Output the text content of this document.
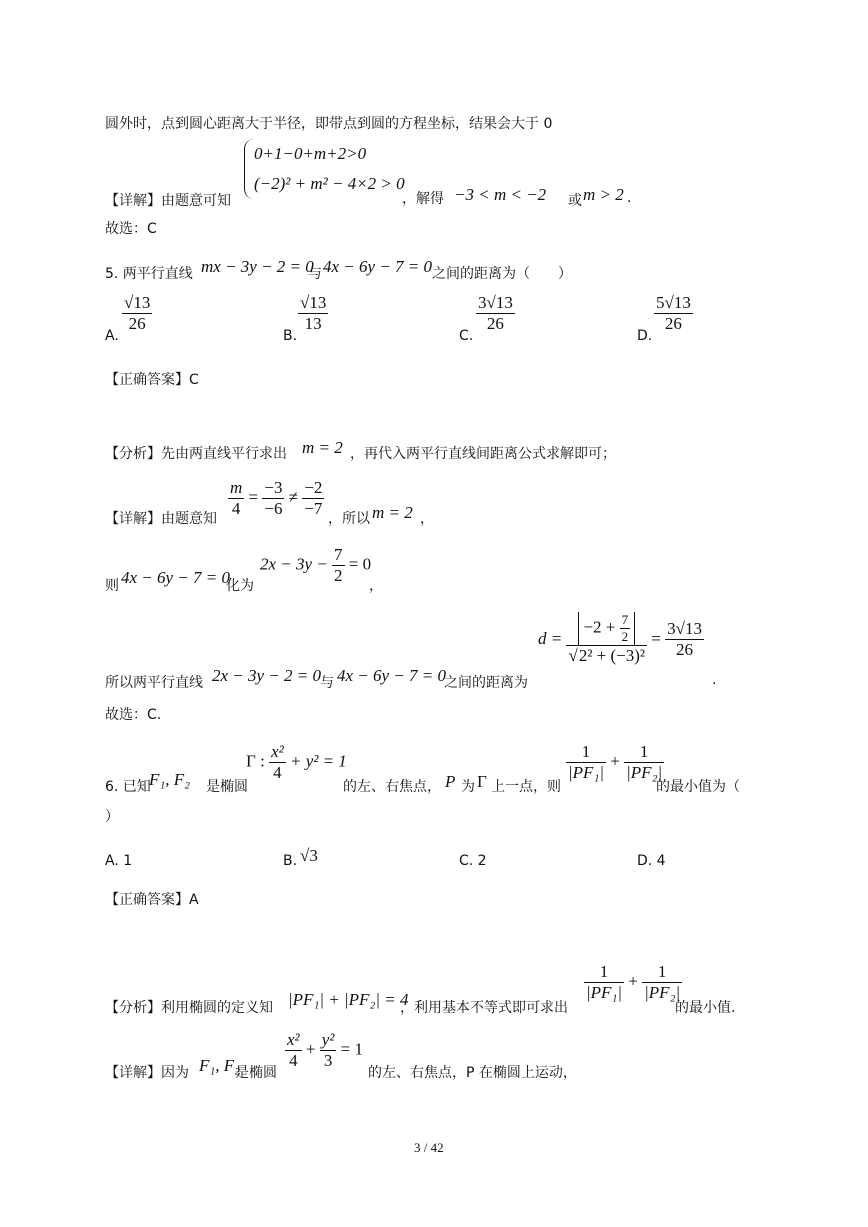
圆外时，点到圆心距离大于半径，即带点到圆的方程坐标，结果会大于 0
0+1−0+m+2>0
(−2)² + m² − 4×2 > 0
【详解】由题意可知	，解得 −3 < m < −2 或 m > 2 .
故选：C
5. 两平行直线 mx − 3y − 2 = 0
与 4x − 6y − 7 = 0 之间的距离为（　　）
A.
$\frac{√13}{26}$
B.
$\frac{√13}{13}$
C.
$\frac{3√13}{26}$
D.
$\frac{5√13}{26}$
【正确答案】C
【分析】先由两直线平行求出 m = 2 ，再代入两平行直线间距离公式求解即可；
【详解】由题意知 $\frac{m}{4} = \frac{-3}{-6} \ne \frac{-2}{-7}$ ，所以 m = 2 ，
则 4x − 6y − 7 = 0
化为
$2x - 3y - \frac{7}{2} = 0$
，
所以两平行直线 2x − 3y − 2 = 0
与 4x − 6y − 7 = 0
之间的距离为
$d = \frac{-2 + \frac{7}{2}}{\text{√2² + (−3)²}} = \frac{3√13}{26}$
.
故选：C.
6. 已知
F₁, F₂ 是椭圆
Γ : $\frac{\text{x²}}{4} + y^2 = 1$
的左、右焦点， P 为 Γ 上一点，则
$\frac{1}{\text{|PF₁|}} + \frac{1}{\text{|PF₂|}}$
的最小值为（
）
A. 1	B. √3	C. 2	D. 4
【正确答案】A
【分析】利用椭圆的定义知 |PF₁| + |PF₂| = 4
，利用基本不等式即可求出
$\frac{1}{\text{|PF₁|}} + \frac{1}{\text{|PF₂|}}$
的最小值.
【详解】因为 F₁, F₂
是椭圆
$\frac{\text{x²}}{4} + \frac{\text{y²}}{3} = 1$
的左、右焦点，P 在椭圆上运动，
3 / 42
